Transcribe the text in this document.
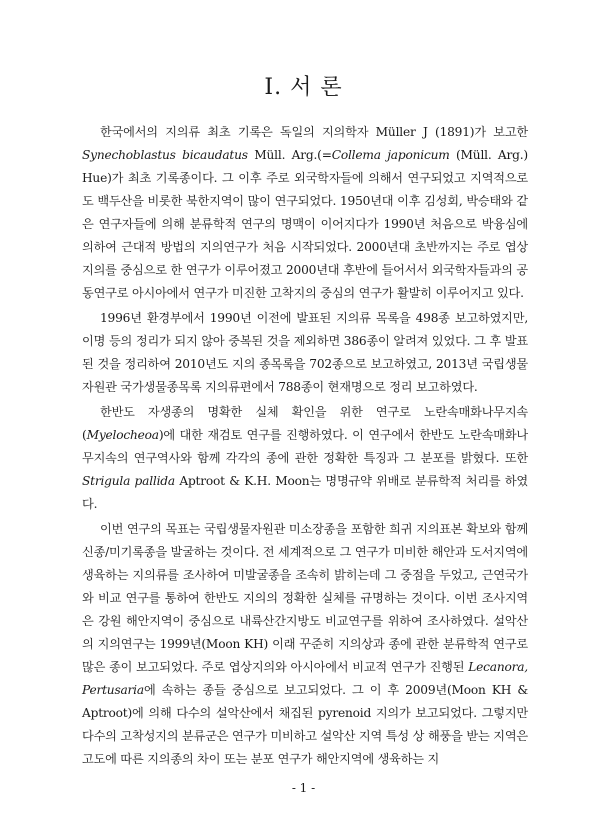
I. 서 론

한국에서의 지의류 최초 기록은 독일의 지의학자 Müller J (1891)가 보고한 Synechoblastus bicaudatus Müll. Arg.(=Collema japonicum (Müll. Arg.) Hue)가 최초 기록종이다. 그 이후 주로 외국학자들에 의해서 연구되었고 지역적으로도 백두산을 비롯한 북한지역이 많이 연구되었다. 1950년대 이후 김성회, 박승태와 같은 연구자들에 의해 분류학적 연구의 명맥이 이어지다가 1990년 처음으로 박융심에 의하여 근대적 방법의 지의연구가 처음 시작되었다. 2000년대 초반까지는 주로 엽상지의를 중심으로 한 연구가 이루어졌고 2000년대 후반에 들어서서 외국학자들과의 공동연구로 아시아에서 연구가 미진한 고착지의 중심의 연구가 활발히 이루어지고 있다.

1996년 환경부에서 1990년 이전에 발표된 지의류 목록을 498종 보고하였지만, 이명 등의 정리가 되지 않아 중복된 것을 제외하면 386종이 알려져 있었다. 그 후 발표된 것을 정리하여 2010년도 지의 종목록을 702종으로 보고하였고, 2013년 국립생물자원관 국가생물종목록 지의류편에서 788종이 현재명으로 정리 보고하였다.

한반도 자생종의 명확한 실체 확인을 위한 연구로 노란속매화나무지속(Myelocheoa)에 대한 재검토 연구를 진행하였다. 이 연구에서 한반도 노란속매화나무지속의 연구역사와 함께 각각의 종에 관한 정확한 특징과 그 분포를 밝혔다. 또한 Strigula pallida Aptroot & K.H. Moon는 명명규약 위배로 분류학적 처리를 하였다.

이번 연구의 목표는 국립생물자원관 미소장종을 포함한 희귀 지의표본 확보와 함께 신종/미기록종을 발굴하는 것이다. 전 세계적으로 그 연구가 미비한 해안과 도서지역에 생육하는 지의류를 조사하여 미발굴종을 조속히 밝히는데 그 중점을 두었고, 근연국가와 비교 연구를 통하여 한반도 지의의 정확한 실체를 규명하는 것이다. 이번 조사지역은 강원 해안지역이 중심으로 내륙산간지방도 비교연구를 위하여 조사하였다. 설악산의 지의연구는 1999년(Moon KH) 이래 꾸준히 지의상과 종에 관한 분류학적 연구로 많은 종이 보고되었다. 주로 엽상지의와 아시아에서 비교적 연구가 진행된 Lecanora, Pertusaria에 속하는 종들 중심으로 보고되었다. 그 이 후 2009년(Moon KH & Aptroot)에 의해 다수의 설악산에서 채집된 pyrenoid 지의가 보고되었다. 그렇지만 다수의 고착성지의 분류군은 연구가 미비하고 설악산 지역 특성 상 해풍을 받는 지역은 고도에 따른 지의종의 차이 또는 분포 연구가 해안지역에 생육하는 지

- 1 -
